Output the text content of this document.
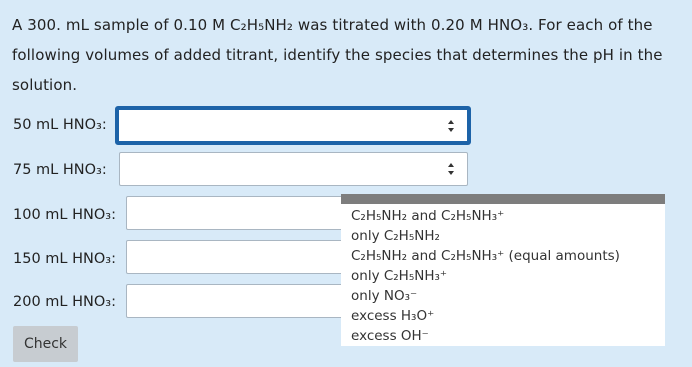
A 300. mL sample of 0.10 M C₂H₅NH₂ was titrated with 0.20 M HNO₃. For each of the following volumes of added titrant, identify the species that determines the pH in the solution.
50 mL HNO₃:
75 mL HNO₃:
100 mL HNO₃:
150 mL HNO₃:
200 mL HNO₃:
C₂H₅NH₂ and C₂H₅NH₃⁺
only C₂H₅NH₂
C₂H₅NH₂ and C₂H₅NH₃⁺ (equal amounts)
only C₂H₅NH₃⁺
only NO₃⁻
excess H₃O⁺
excess OH⁻
Check
